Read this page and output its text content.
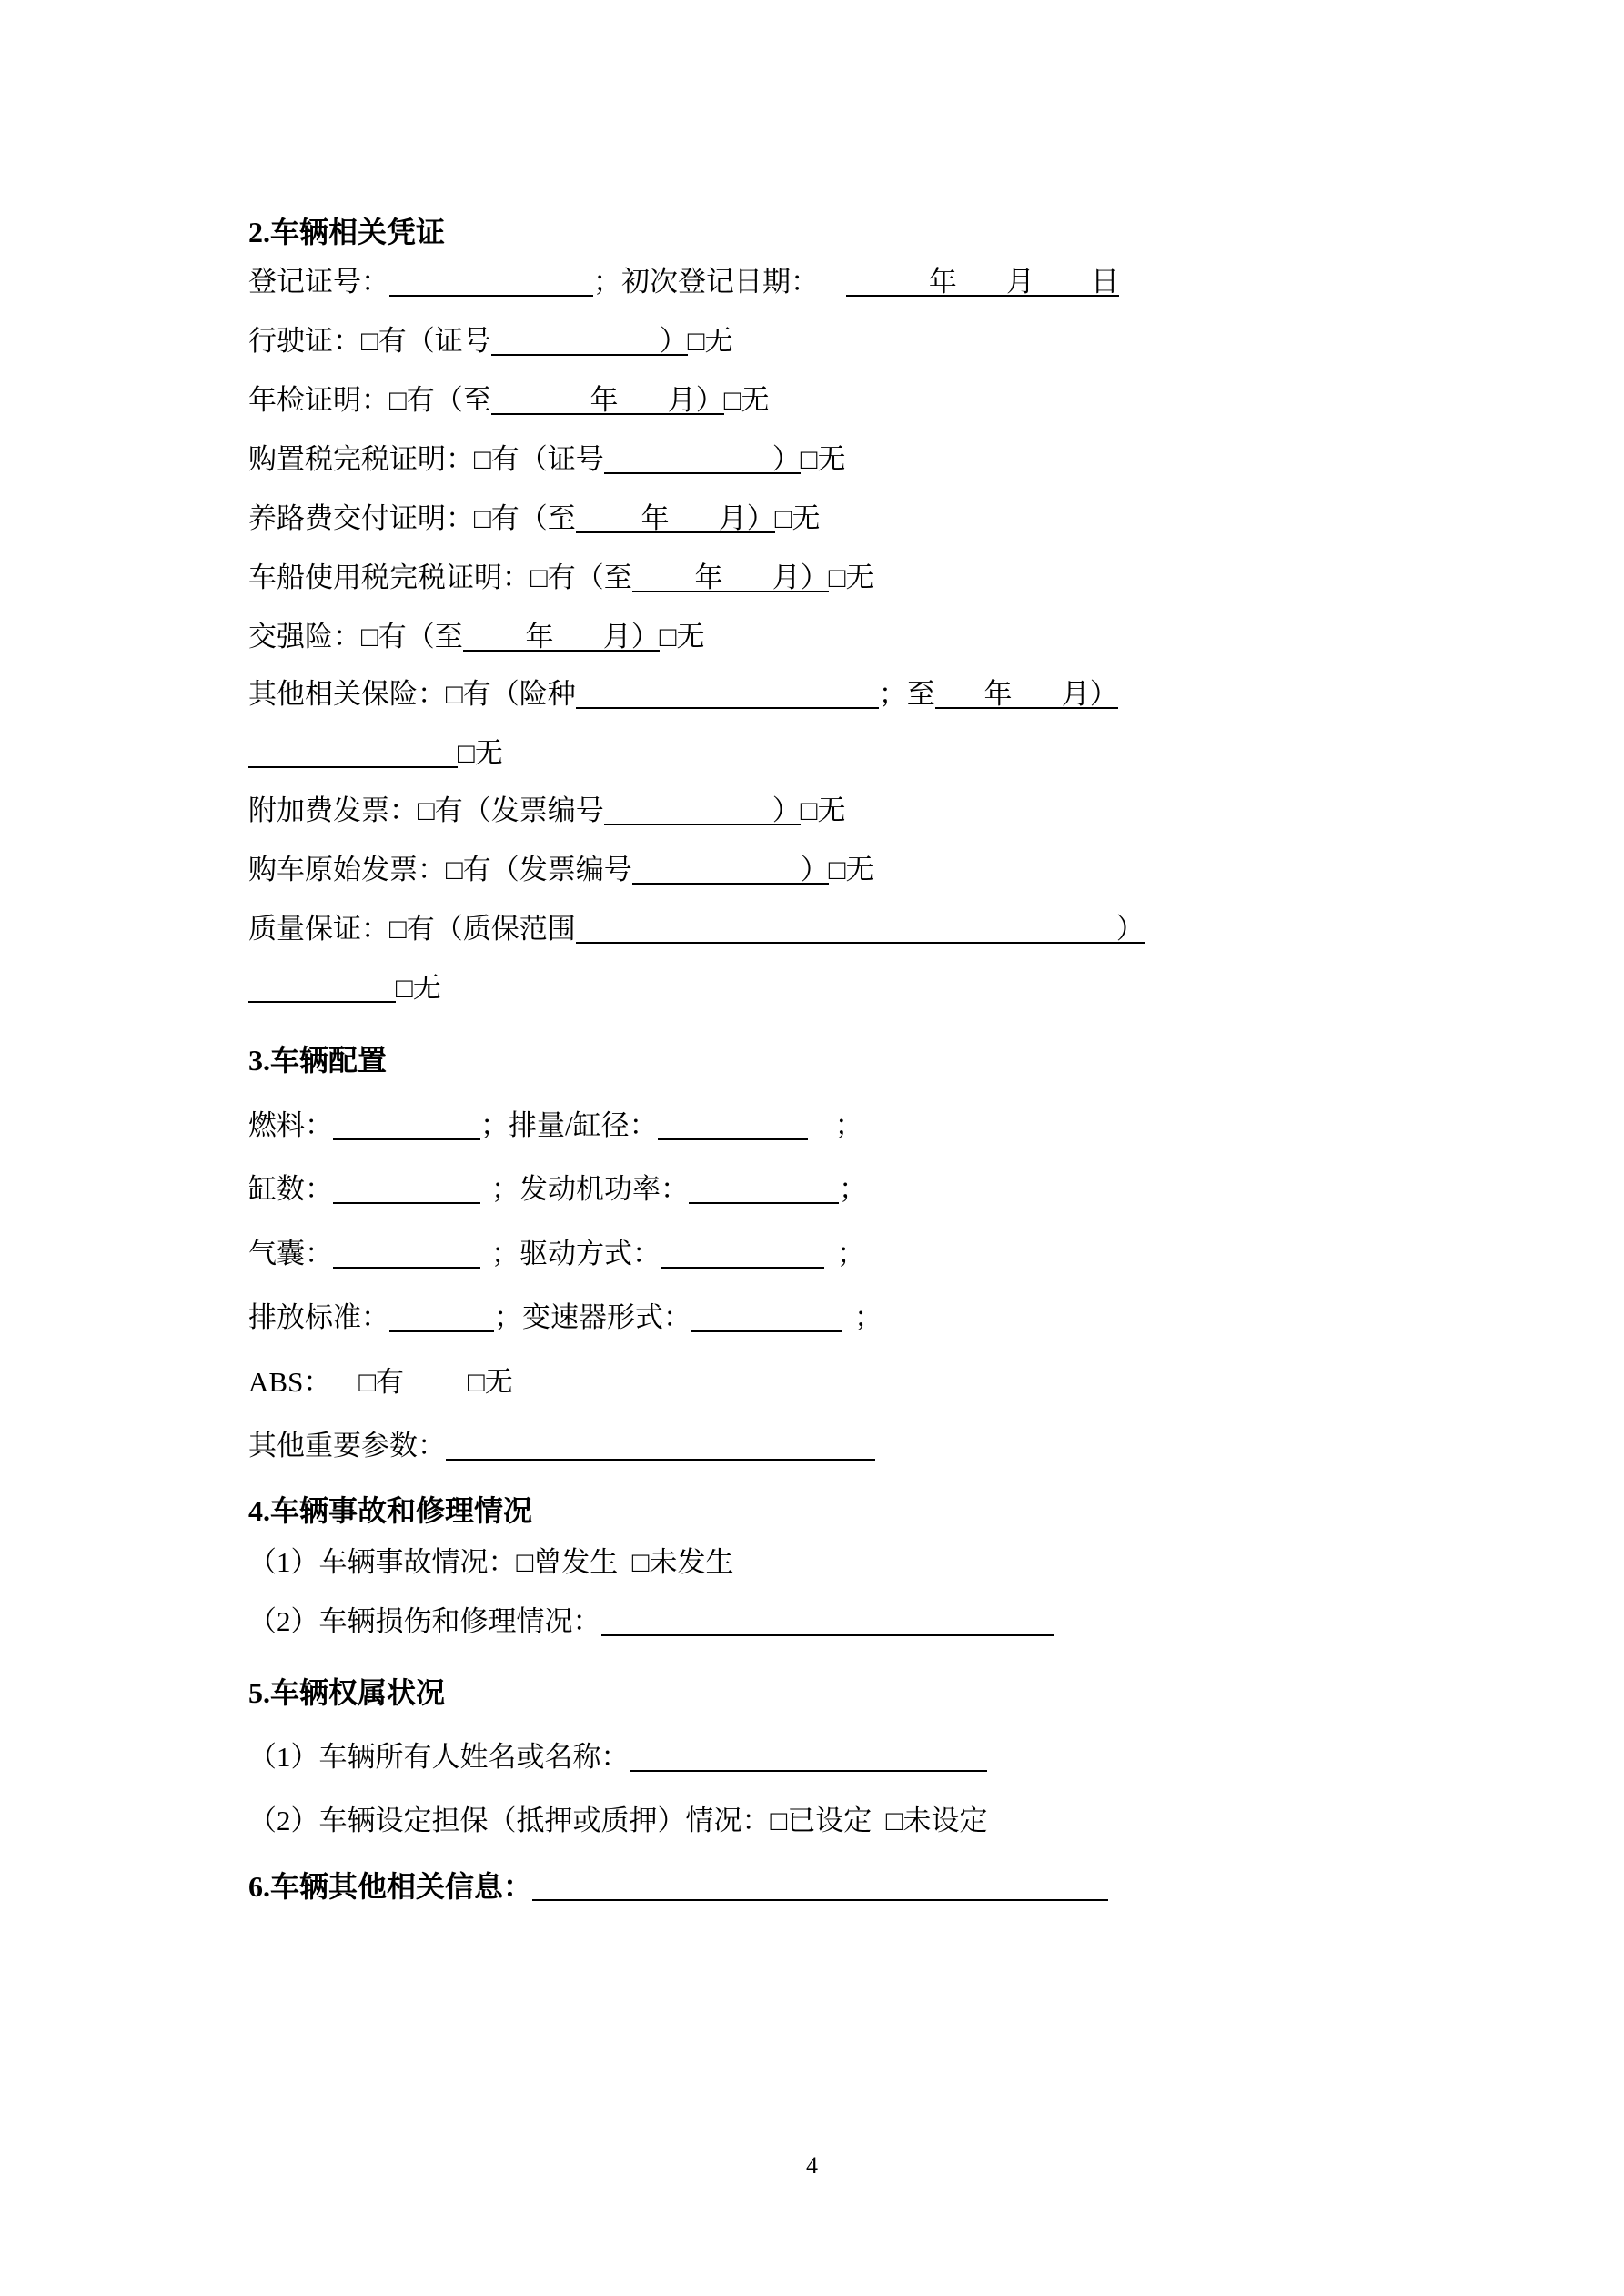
2.车辆相关凭证
登记证号：	；初次登记日期：	年       月        日
行驶证：□有（证号	）□无
年检证明：□有（至	年       月）□无
购置税完税证明：□有（证号	）□无
养路费交付证明：□有（至 年       月）□无
车船使用税完税证明：□有（至 年       月）□无
交强险：□有（至 年       月）□无
其他相关保险：□有（险种	；至 年       月）
□无
附加费发票：□有（发票编号	）□无
购车原始发票：□有（发票编号	）□无
质量保证：□有（质保范围	）
□无
3.车辆配置
燃料：	；排量/缸径：	；
缸数：	；发动机功率：	；
气囊：	；驱动方式：	；
排放标准：	；变速器形式：	；
ABS： □有 □无
其他重要参数：
4.车辆事故和修理情况
（1）车辆事故情况：□曾发生  □未发生
（2）车辆损伤和修理情况：
5.车辆权属状况
（1）车辆所有人姓名或名称：
（2）车辆设定担保（抵押或质押）情况：□已设定  □未设定
6.车辆其他相关信息：
4
